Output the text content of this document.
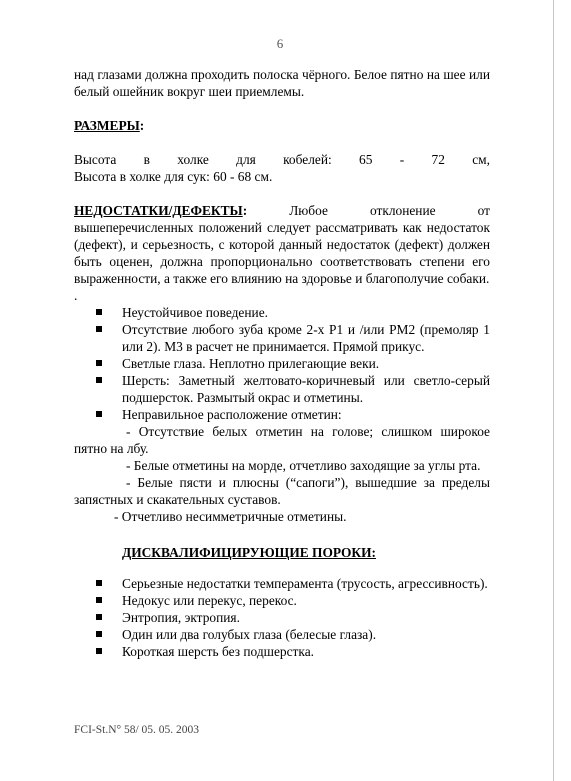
6

над глазами должна проходить полоска чёрного. Белое пятно на шее или белый ошейник вокруг шеи приемлемы.

РАЗМЕРЫ:

Высота в холке для кобелей: 65 - 72 см,

Высота в холке для сук: 60 - 68 см.

НЕДОСТАТКИ/ДЕФЕКТЫ: Любое отклонение от вышеперечисленных положений следует рассматривать как недостаток (дефект), и серьезность, с которой данный недостаток (дефект) должен быть оценен, должна пропорционально соответствовать степени его выраженности, а также его влиянию на здоровье и благополучие собаки.

.

Неустойчивое поведение.
Отсутствие любого зуба кроме 2-х Р1 и /или РМ2 (премоляр 1 или 2). М3 в расчет не принимается. Прямой прикус.
Светлые глаза. Неплотно прилегающие веки.
Шерсть: Заметный желтовато-коричневый или светло-серый подшерсток. Размытый окрас и отметины.
Неправильное расположение отметин:

- Отсутствие белых отметин на голове; слишком широкое пятно на лбу.

- Белые отметины на морде, отчетливо заходящие за углы рта.

- Белые пясти и плюсны (“сапоги”), вышедшие за пределы запястных и скакательных суставов.

- Отчетливо несимметричные отметины.

ДИСКВАЛИФИЦИРУЮЩИЕ ПОРОКИ:

Серьезные недостатки темперамента (трусость, агрессивность).
Недокус или перекус, перекос.
Энтропия, эктропия.
Один или два голубых глаза (белесые глаза).
Короткая шерсть без подшерстка.
FCI-St.N° 58/ 05. 05. 2003
